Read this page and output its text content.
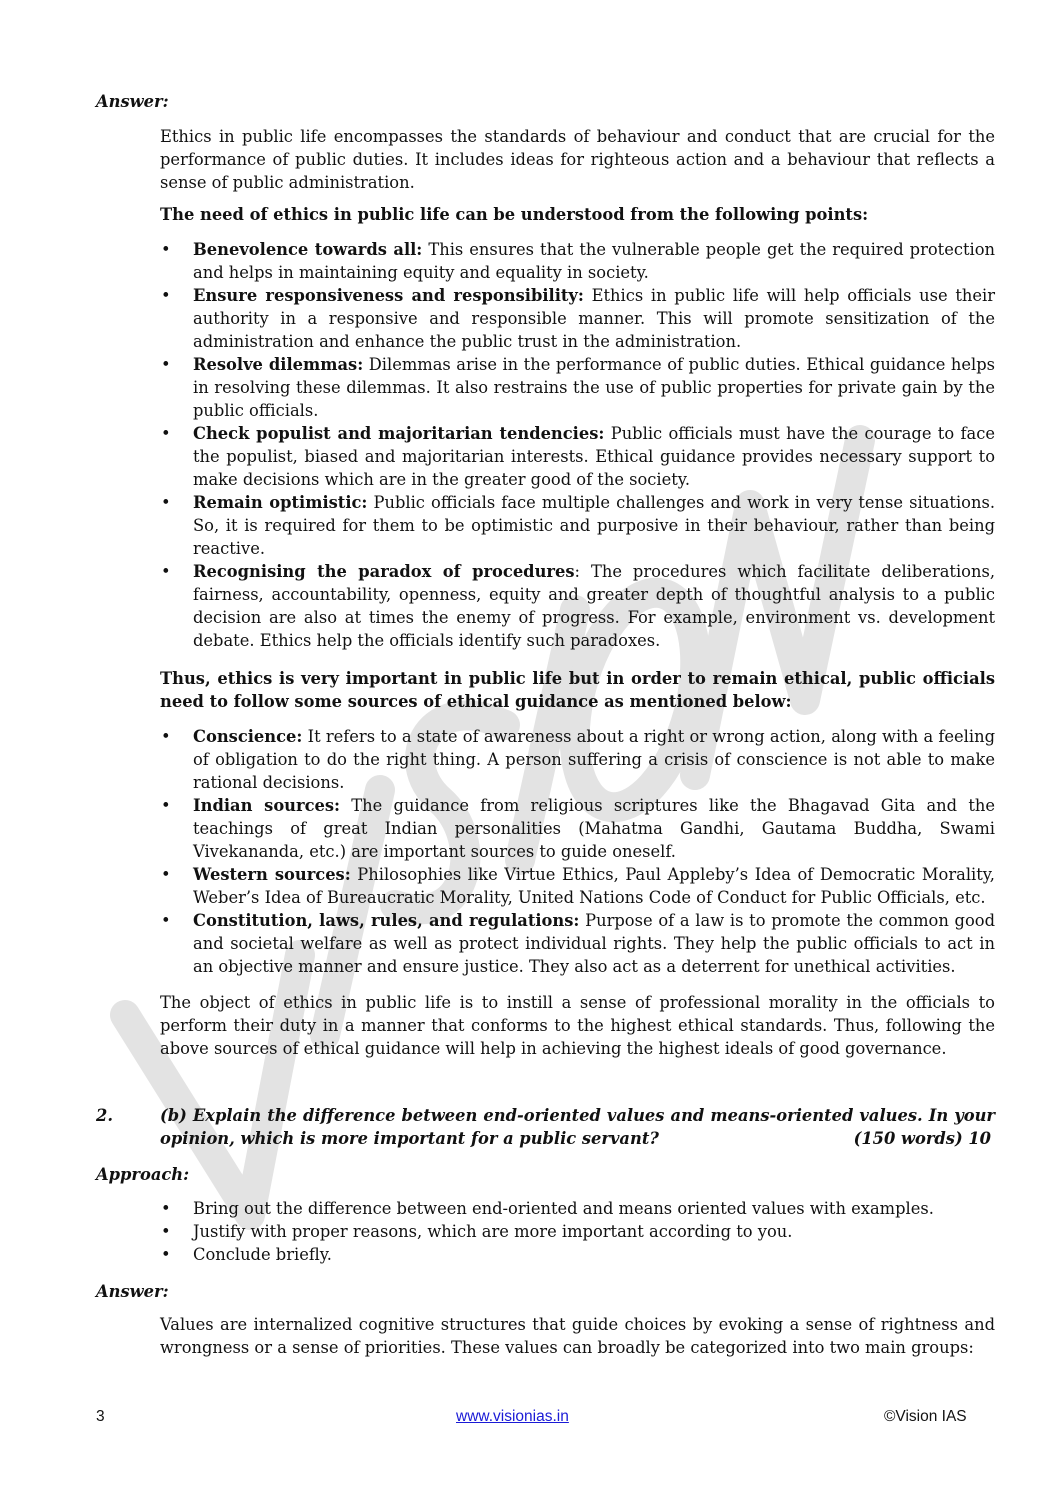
Answer:
Ethics in public life encompasses the standards of behaviour and conduct that are crucial for the performance of public duties. It includes ideas for righteous action and a behaviour that reflects a sense of public administration.
The need of ethics in public life can be understood from the following points:
• Benevolence towards all: This ensures that the vulnerable people get the required protection and helps in maintaining equity and equality in society.
• Ensure responsiveness and responsibility: Ethics in public life will help officials use their authority in a responsive and responsible manner. This will promote sensitization of the administration and enhance the public trust in the administration.
• Resolve dilemmas: Dilemmas arise in the performance of public duties. Ethical guidance helps in resolving these dilemmas. It also restrains the use of public properties for private gain by the public officials.
• Check populist and majoritarian tendencies: Public officials must have the courage to face the populist, biased and majoritarian interests. Ethical guidance provides necessary support to make decisions which are in the greater good of the society.
• Remain optimistic: Public officials face multiple challenges and work in very tense situations. So, it is required for them to be optimistic and purposive in their behaviour, rather than being reactive.
• Recognising the paradox of procedures: The procedures which facilitate deliberations, fairness, accountability, openness, equity and greater depth of thoughtful analysis to a public decision are also at times the enemy of progress. For example, environment vs. development debate. Ethics help the officials identify such paradoxes.
Thus, ethics is very important in public life but in order to remain ethical, public officials need to follow some sources of ethical guidance as mentioned below:
• Conscience: It refers to a state of awareness about a right or wrong action, along with a feeling of obligation to do the right thing. A person suffering a crisis of conscience is not able to make rational decisions.
• Indian sources: The guidance from religious scriptures like the Bhagavad Gita and the teachings of great Indian personalities (Mahatma Gandhi, Gautama Buddha, Swami Vivekananda, etc.) are important sources to guide oneself.
• Western sources: Philosophies like Virtue Ethics, Paul Appleby’s Idea of Democratic Morality, Weber’s Idea of Bureaucratic Morality, United Nations Code of Conduct for Public Officials, etc.
• Constitution, laws, rules, and regulations: Purpose of a law is to promote the common good and societal welfare as well as protect individual rights. They help the public officials to act in an objective manner and ensure justice. They also act as a deterrent for unethical activities.
The object of ethics in public life is to instill a sense of professional morality in the officials to perform their duty in a manner that conforms to the highest ethical standards. Thus, following the above sources of ethical guidance will help in achieving the highest ideals of good governance.
2.	(b) Explain the difference between end-oriented values and means-oriented values. In your opinion, which is more important for a public servant?	(150 words) 10
Approach:
• Bring out the difference between end-oriented and means oriented values with examples.
• Justify with proper reasons, which are more important according to you.
• Conclude briefly.
Answer:
Values are internalized cognitive structures that guide choices by evoking a sense of rightness and wrongness or a sense of priorities. These values can broadly be categorized into two main groups:
3	www.visionias.in	©Vision IAS
